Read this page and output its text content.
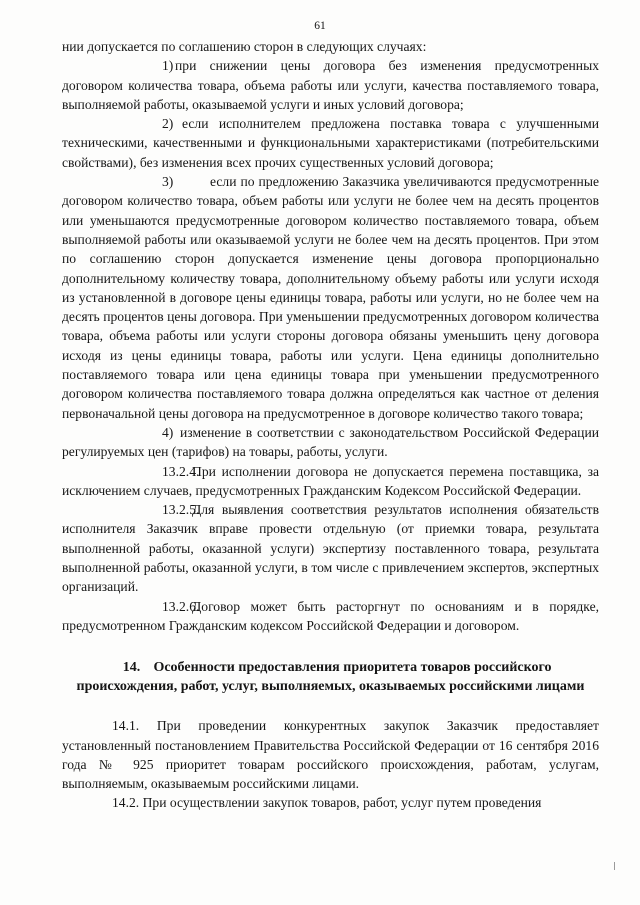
61

нии допускается по соглашению сторон в следующих случаях:

1) при снижении цены договора без изменения предусмотренных договором количества товара, объема работы или услуги, качества поставляемого товара, выполняемой работы, оказываемой услуги и иных условий договора;

2) если исполнителем предложена поставка товара с улучшенными техническими, качественными и функциональными характеристиками (потребительскими свойствами), без изменения всех прочих существенных условий договора;

3)	если по предложению Заказчика увеличиваются предусмотренные договором количество товара, объем работы или услуги не более чем на десять процентов или уменьшаются предусмотренные договором количество поставляемого товара, объем выполняемой работы или оказываемой услуги не более чем на десять процентов. При этом по соглашению сторон допускается изменение цены договора пропорционально дополнительному количеству товара, дополнительному объему работы или услуги исходя из установленной в договоре цены единицы товара, работы или услуги, но не более чем на десять процентов цены договора. При уменьшении предусмотренных договором количества товара, объема работы или услуги стороны договора обязаны уменьшить цену договора исходя из цены единицы товара, работы или услуги. Цена единицы дополнительно поставляемого товара или цена единицы товара при уменьшении предусмотренного договором количества поставляемого товара должна определяться как частное от деления первоначальной цены договора на предусмотренное в договоре количество такого товара;

4) изменение в соответствии с законодательством Российской Федерации регулируемых цен (тарифов) на товары, работы, услуги.

13.2.4.При исполнении договора не допускается перемена поставщика, за исключением случаев, предусмотренных Гражданским Кодексом Российской Федерации.

13.2.5.Для выявления соответствия результатов исполнения обязательств исполнителя Заказчик вправе провести отдельную (от приемки товара, результата выполненной работы, оказанной услуги) экспертизу поставленного товара, результата выполненной работы, оказанной услуги, в том числе с привлечением экспертов, экспертных организаций.

13.2.6.Договор может быть расторгнут по основаниям и в порядке, предусмотренном Гражданским кодексом Российской Федерации и договором.

14. Особенности предоставления приоритета товаров российского происхождения, работ, услуг, выполняемых, оказываемых российскими лицами

14.1. При проведении конкурентных закупок Заказчик предоставляет установленный постановлением Правительства Российской Федерации от 16 сентября 2016 года № 925 приоритет товарам российского происхождения, работам, услугам, выполняемым, оказываемым российскими лицами.

14.2. При осуществлении закупок товаров, работ, услуг путем проведения
